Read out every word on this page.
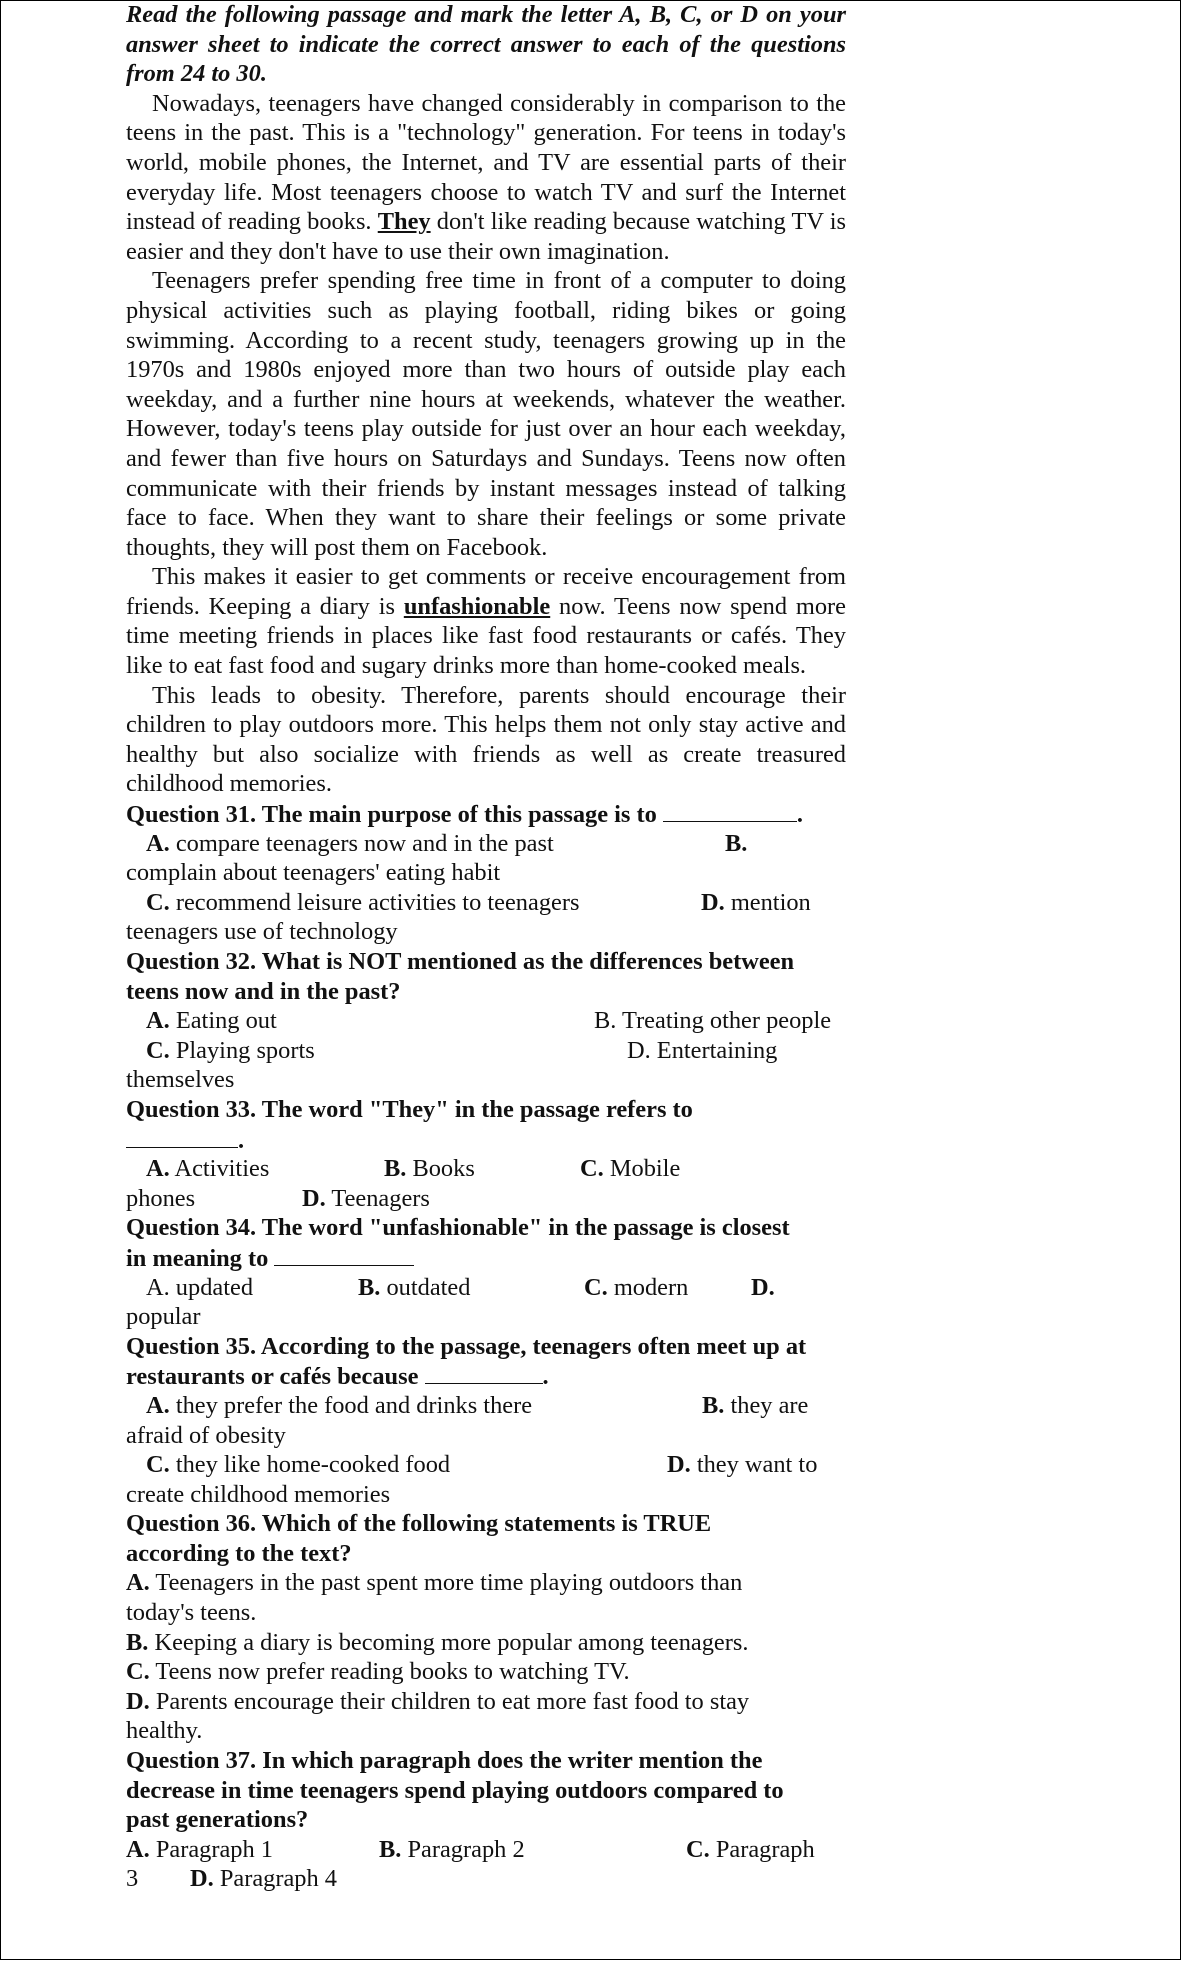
Read the following passage and mark the letter A, B, C, or D on your answer sheet to indicate the correct answer to each of the questions from 24 to 30.

Nowadays, teenagers have changed considerably in comparison to the teens in the past. This is a "technology" generation. For teens in today's world, mobile phones, the Internet, and TV are essential parts of their everyday life. Most teenagers choose to watch TV and surf the Internet instead of reading books. They don't like reading because watching TV is easier and they don't have to use their own imagination.

Teenagers prefer spending free time in front of a computer to doing physical activities such as playing football, riding bikes or going swimming. According to a recent study, teenagers growing up in the 1970s and 1980s enjoyed more than two hours of outside play each weekday, and a further nine hours at weekends, whatever the weather. However, today's teens play outside for just over an hour each weekday, and fewer than five hours on Saturdays and Sundays. Teens now often communicate with their friends by instant messages instead of talking face to face. When they want to share their feelings or some private thoughts, they will post them on Facebook.

This makes it easier to get comments or receive encouragement from friends. Keeping a diary is unfashionable now. Teens now spend more time meeting friends in places like fast food restaurants or cafés. They like to eat fast food and sugary drinks more than home-cooked meals.

This leads to obesity. Therefore, parents should encourage their children to play outdoors more. This helps them not only stay active and healthy but also socialize with friends as well as create treasured childhood memories.

Question 31. The main purpose of this passage is to	.
A. compare teenagers now and in the past	B.
complain about teenagers' eating habit
C. recommend leisure activities to teenagers	D. mention
teenagers use of technology
Question 32. What is NOT mentioned as the differences between
teens now and in the past?
A. Eating out	B. Treating other people
C. Playing sports	D. Entertaining
themselves
Question 33. The word "They" in the passage refers to
.
A. Activities	B. Books	C. Mobile
phones	D. Teenagers
Question 34. The word "unfashionable" in the passage is closest
in meaning to
A. updated	B. outdated	C. modern	D.
popular
Question 35. According to the passage, teenagers often meet up at
restaurants or cafés because	.
A. they prefer the food and drinks there	B. they are
afraid of obesity
C. they like home-cooked food	D. they want to
create childhood memories
Question 36. Which of the following statements is TRUE
according to the text?
A. Teenagers in the past spent more time playing outdoors than
today's teens.
B. Keeping a diary is becoming more popular among teenagers.
C. Teens now prefer reading books to watching TV.
D. Parents encourage their children to eat more fast food to stay
healthy.
Question 37. In which paragraph does the writer mention the
decrease in time teenagers spend playing outdoors compared to
past generations?
A. Paragraph 1	B. Paragraph 2	C. Paragraph
3 D. Paragraph 4
